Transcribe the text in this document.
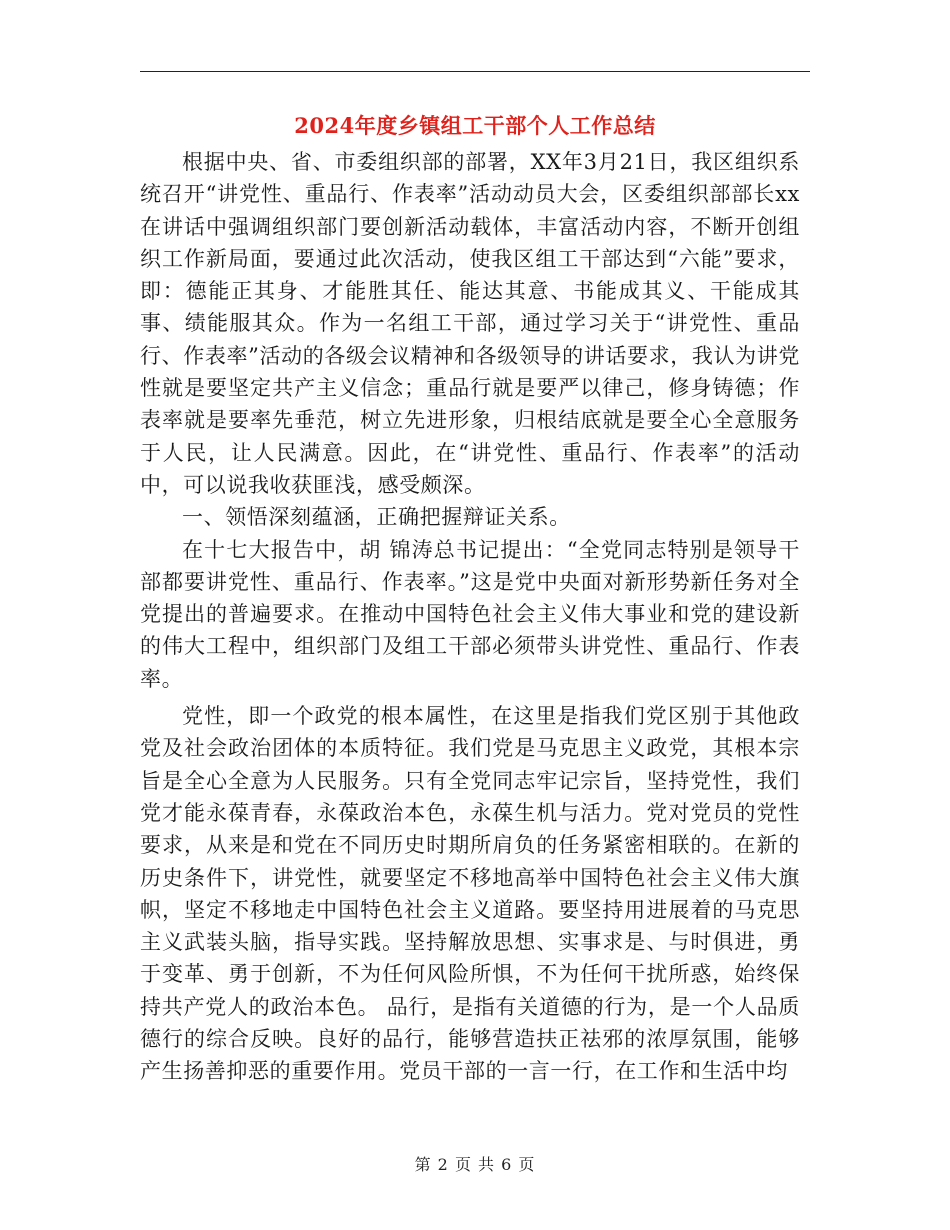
2024年度乡镇组工干部个人工作总结

根据中央、省、市委组织部的部署，XX年3月21日，我区组织系统召开“讲党性、重品行、作表率”活动动员大会，区委组织部部长xx在讲话中强调组织部门要创新活动载体，丰富活动内容，不断开创组织工作新局面，要通过此次活动，使我区组工干部达到“六能”要求，即：德能正其身、才能胜其任、能达其意、书能成其义、干能成其事、绩能服其众。作为一名组工干部，通过学习关于“讲党性、重品行、作表率”活动的各级会议精神和各级领导的讲话要求，我认为讲党性就是要坚定共产主义信念；重品行就是要严以律己，修身铸德；作表率就是要率先垂范，树立先进形象，归根结底就是要全心全意服务于人民，让人民满意。因此，在“讲党性、重品行、作表率”的活动中，可以说我收获匪浅，感受颇深。

一、领悟深刻蕴涵，正确把握辩证关系。

在十七大报告中，胡 锦涛总书记提出：“全党同志特别是领导干部都要讲党性、重品行、作表率。”这是党中央面对新形势新任务对全党提出的普遍要求。在推动中国特色社会主义伟大事业和党的建设新的伟大工程中，组织部门及组工干部必须带头讲党性、重品行、作表率。

党性，即一个政党的根本属性，在这里是指我们党区别于其他政党及社会政治团体的本质特征。我们党是马克思主义政党，其根本宗旨是全心全意为人民服务。只有全党同志牢记宗旨，坚持党性，我们党才能永葆青春，永葆政治本色，永葆生机与活力。党对党员的党性要求，从来是和党在不同历史时期所肩负的任务紧密相联的。在新的历史条件下，讲党性，就要坚定不移地高举中国特色社会主义伟大旗帜，坚定不移地走中国特色社会主义道路。要坚持用进展着的马克思主义武装头脑，指导实践。坚持解放思想、实事求是、与时俱进，勇于变革、勇于创新，不为任何风险所惧，不为任何干扰所惑，始终保持共产党人的政治本色。 品行，是指有关道德的行为，是一个人品质德行的综合反映。良好的品行，能够营造扶正祛邪的浓厚氛围，能够产生扬善抑恶的重要作用。党员干部的一言一行，在工作和生活中均

第 2 页 共 6 页
